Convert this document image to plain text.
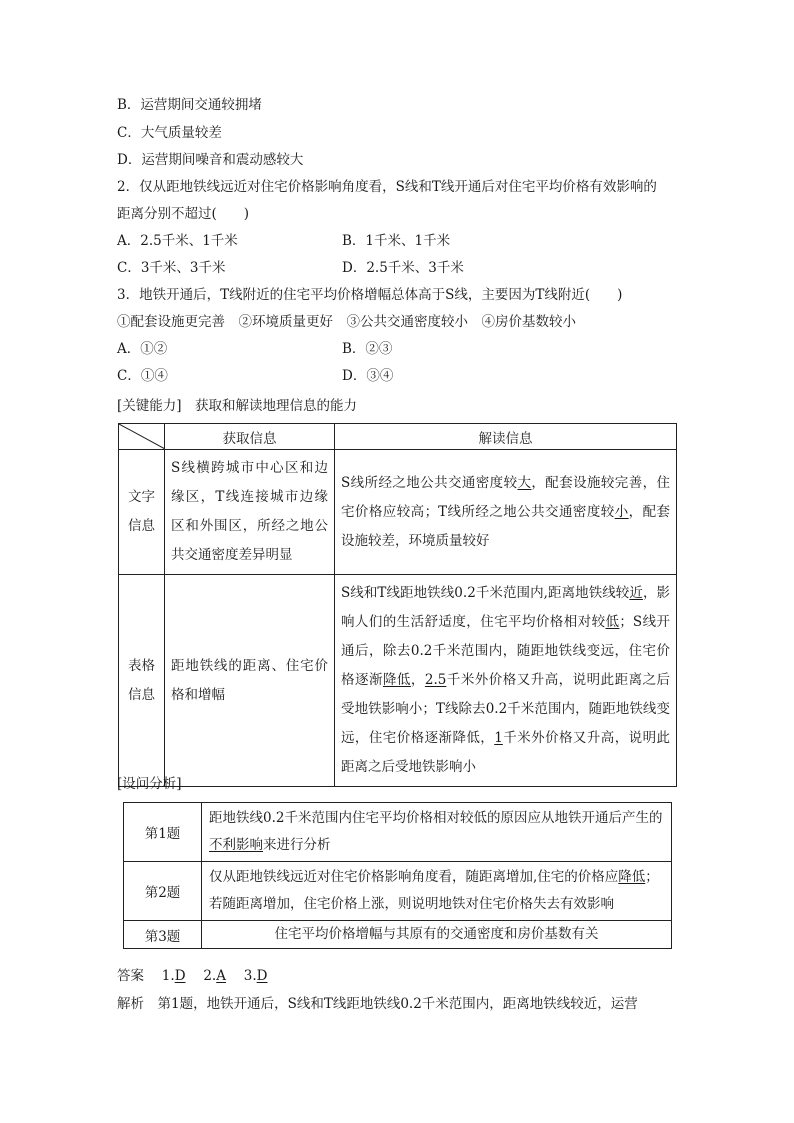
B．运营期间交通较拥堵
C．大气质量较差
D．运营期间噪音和震动感较大
2．仅从距地铁线远近对住宅价格影响角度看，S线和T线开通后对住宅平均价格有效影响的
距离分别不超过(　　)
A．2.5千米、1千米	B．1千米、1千米
C．3千米、3千米	D．2.5千米、3千米
3．地铁开通后，T线附近的住宅平均价格增幅总体高于S线，主要因为T线附近(　　)
①配套设施更完善　②环境质量更好　③公共交通密度较小　④房价基数较小
A．①②	B．②③
C．①④	D．③④
[关键能力]　获取和解读地理信息的能力
	获取信息	解读信息

文字
信息	S线横跨城市中心区和边缘区，T线连接城市边缘区和外围区，所经之地公共交通密度差异明显	S线所经之地公共交通密度较大，配套设施较完善，住宅价格应较高；T线所经之地公共交通密度较小，配套设施较差，环境质量较好

表格
信息	距地铁线的距离、住宅价格和增幅	S线和T线距地铁线0.2千米范围内,距离地铁线较近，影响人们的生活舒适度，住宅平均价格相对较低；S线开通后，除去0.2千米范围内，随距地铁线变远，住宅价格逐渐降低，2.5千米外价格又升高，说明此距离之后受地铁影响小；T线除去0.2千米范围内，随距地铁线变远，住宅价格逐渐降低，1千米外价格又升高，说明此距离之后受地铁影响小
[设问分析]
第1题	距地铁线0.2千米范围内住宅平均价格相对较低的原因应从地铁开通后产生的不利影响来进行分析
第2题	仅从距地铁线远近对住宅价格影响角度看，随距离增加,住宅的价格应降低；若随距离增加，住宅价格上涨，则说明地铁对住宅价格失去有效影响
第3题	住宅平均价格增幅与其原有的交通密度和房价基数有关
答案　 1.D　 2.A　 3.D
解析　 第1题，地铁开通后，S线和T线距地铁线0.2千米范围内，距离地铁线较近，运营
